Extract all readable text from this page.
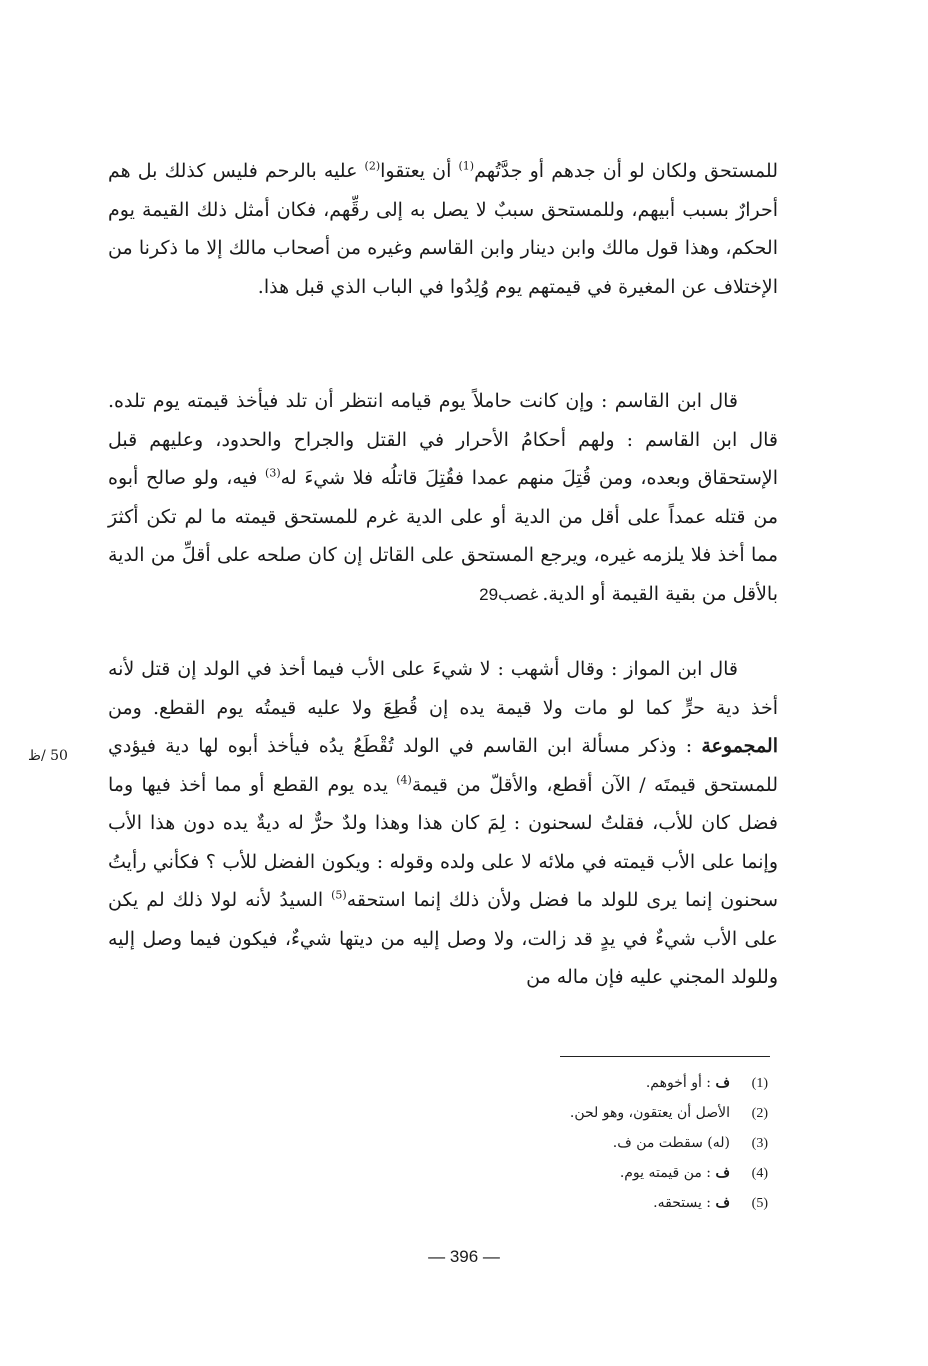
للمستحق ولكان لو أن جدهم أو جدَّتُهم$^{(1)}$ أن يعتقوا$^{(2)}$ عليه بالرحم فليس كذلك بل هم أحرارٌ بسبب أبيهم، وللمستحق سببٌ لا يصل به إلى رقِّهم، فكان أمثل ذلك القيمة يوم الحكم، وهذا قول مالك وابن دينار وابن القاسم وغيره من أصحاب مالك إلا ما ذكرنا من الإختلاف عن المغيرة في قيمتهم يوم وُلِدُوا في الباب الذي قبل هذا.

قال ابن القاسم : وإن كانت حاملاً يوم قيامه انتظر أن تلد فيأخذ قيمته يوم تلده. قال ابن القاسم : ولهم أحكامُ الأحرار في القتل والجراح والحدود، وعليهم قبل الإستحقاق وبعده، ومن قُتِلَ منهم عمدا فقُتِلَ قاتلُه فلا شيءَ له$^{(3)}$ فيه، ولو صالح أبوه من قتله عمداً على أقل من الدية أو على الدية غرم للمستحق قيمته ما لم تكن أكثرَ مما أخذ فلا يلزمه غيره، ويرجع المستحق على القاتل إن كان صلحه على أقلِّ من الدية بالأقل من بقية القيمة أو الدية.غصب29

قال ابن المواز : وقال أشهب : لا شيءَ على الأب فيما أخذ في الولد إن قتل لأنه أخذ دية حرٍّ كما لو مات ولا قيمة يده إن قُطِعَ ولا عليه قيمتُه يوم القطع. ومن المجموعة : وذكر مسألة ابن القاسم في الولد تُقْطَعُ يدُه فيأخذ أبوه لها دية فيؤدي للمستحق قيمتَه / الآن أقطع، والأقلّ من قيمة$^{(4)}$ يده يوم القطع أو مما أخذ فيها وما فضل كان للأب، فقلتُ لسحنون : لِمَ كان هذا وهذا ولدٌ حرٌّ له ديةٌ يده دون هذا الأب وإنما على الأب قيمته في ملائه لا على ولده وقوله : ويكون الفضل للأب ؟ فكأني رأيتُ سحنون إنما يرى للولد ما فضل ولأن ذلك إنما استحقه$^{(5)}$ السيدُ لأنه لولا ذلك لم يكن على الأب شيءٌ في يدٍ قد زالت، ولا وصل إليه من ديتها شيءٌ، فيكون فيما وصل إليه وللولد المجني عليه فإن ماله من

50 /ظ
(1)ف : أو أخوهم.
(2)الأصل أن يعتقون، وهو لحن.
(3)(له) سقطت من ف.
(4)ف : من قيمته يوم.
(5)ف : يستحقه.
— 396 —
